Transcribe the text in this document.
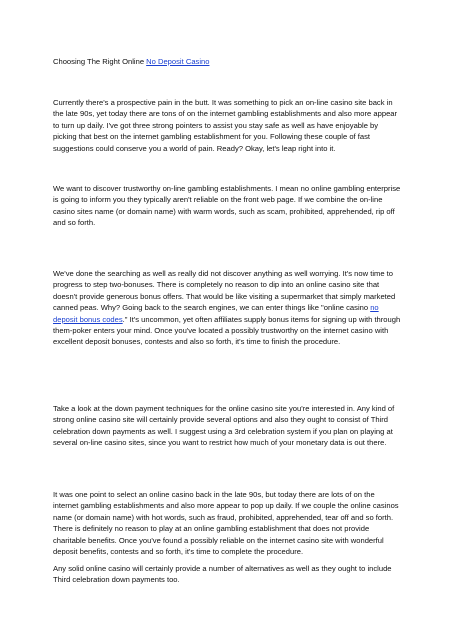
Choosing The Right Online No Deposit Casino

Currently there's a prospective pain in the butt. It was something to pick an on-line casino site back in the late 90s, yet today there are tons of on the internet gambling establishments and also more appear to turn up daily. I've got three strong pointers to assist you stay safe as well as have enjoyable by picking that best on the internet gambling establishment for you. Following these couple of fast suggestions could conserve you a world of pain. Ready? Okay, let's leap right into it.

We want to discover trustworthy on-line gambling establishments. I mean no online gambling enterprise is going to inform you they typically aren't reliable on the front web page. If we combine the on-line casino sites name (or domain name) with warm words, such as scam, prohibited, apprehended, rip off and so forth.

We've done the searching as well as really did not discover anything as well worrying. It's now time to progress to step two-bonuses. There is completely no reason to dip into an online casino site that doesn't provide generous bonus offers. That would be like visiting a supermarket that simply marketed canned peas. Why? Going back to the search engines, we can enter things like "online casino no deposit bonus codes." It's uncommon, yet often affiliates supply bonus items for signing up with through them-poker enters your mind. Once you've located a possibly trustworthy on the internet casino with excellent deposit bonuses, contests and also so forth, it's time to finish the procedure.

Take a look at the down payment techniques for the online casino site you're interested in. Any kind of strong online casino site will certainly provide several options and also they ought to consist of Third celebration down payments as well. I suggest using a 3rd celebration system if you plan on playing at several on-line casino sites, since you want to restrict how much of your monetary data is out there.

It was one point to select an online casino back in the late 90s, but today there are lots of on the internet gambling establishments and also more appear to pop up daily. If we couple the online casinos name (or domain name) with hot words, such as fraud, prohibited, apprehended, tear off and so forth. There is definitely no reason to play at an online gambling establishment that does not provide charitable benefits. Once you've found a possibly reliable on the internet casino site with wonderful deposit benefits, contests and so forth, it's time to complete the procedure.

Any solid online casino will certainly provide a number of alternatives as well as they ought to include Third celebration down payments too.
